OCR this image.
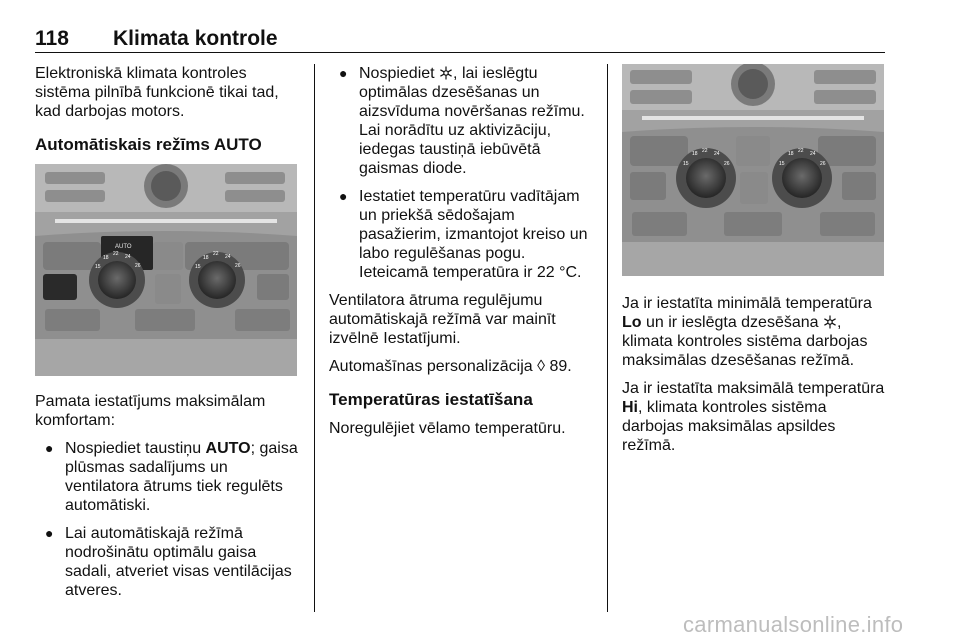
118 Klimata kontrole

Elektroniskā klimata kontroles sistēma pilnībā funkcionē tikai tad, kad darbojas motors.

Automātiskais režīms AUTO
AUTO
15
18
22 24
26	15
18
22 24
26

Pamata iestatījums maksimālam komfortam:

● Nospiediet taustiņu AUTO; gaisa plūsmas sadalījums un ventilatora ātrums tiek regulēts automātiski.
● Lai automātiskajā režīmā nodrošinātu optimālu gaisa sadali, atveriet visas ventilācijas atveres.
● Nospiediet , lai ieslēgtu optimālas dzesēšanas un aizsvīduma novēršanas režīmu. Lai norādītu uz aktivizāciju, iedegas taustiņā iebūvētā gaismas diode.
● Iestatiet temperatūru vadītājam un priekšā sēdošajam pasažierim, izmantojot kreiso un labo regulēšanas pogu.
Ieteicamā temperatūra ir 22 °C.

Ventilatora ātruma regulējumu automātiskajā režīmā var mainīt izvēlnē Iestatījumi.

Automašīnas personalizācija ◊ 89.

Temperatūras iestatīšana

Noregulējiet vēlamo temperatūru.

15
18 22 24
26	15
18 22 24
26

Ja ir iestatīta minimālā temperatūra Lo un ir ieslēgta dzesēšana , klimata kontroles sistēma darbojas maksimālas dzesēšanas režīmā.

Ja ir iestatīta maksimālā temperatūra Hi, klimata kontroles sistēma darbojas maksimālas apsildes režīmā.

carmanualsonline.info
